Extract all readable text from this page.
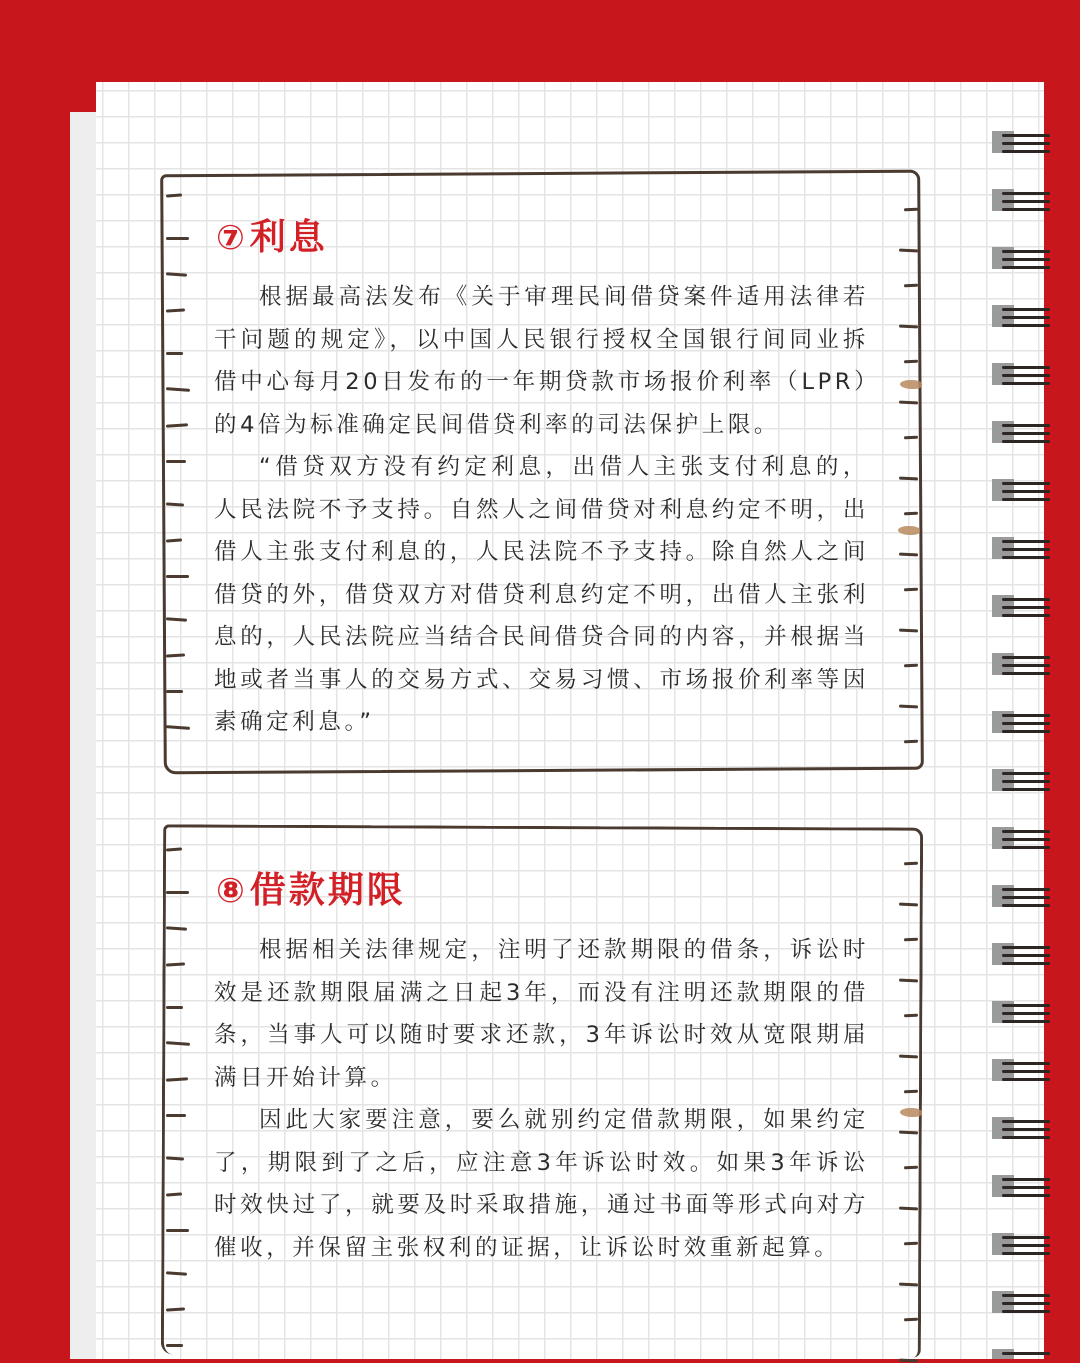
⑦利息

根据最高法发布《关于审理民间借贷案件适用法律若干问题的规定》，以中国人民银行授权全国银行间同业拆借中心每月20日发布的一年期贷款市场报价利率（LPR）的4倍为标准确定民间借贷利率的司法保护上限。

“借贷双方没有约定利息，出借人主张支付利息的，人民法院不予支持。自然人之间借贷对利息约定不明，出借人主张支付利息的，人民法院不予支持。除自然人之间借贷的外，借贷双方对借贷利息约定不明，出借人主张利息的，人民法院应当结合民间借贷合同的内容，并根据当地或者当事人的交易方式、交易习惯、市场报价利率等因素确定利息。”

⑧借款期限

根据相关法律规定，注明了还款期限的借条，诉讼时效是还款期限届满之日起3年，而没有注明还款期限的借条，当事人可以随时要求还款，3年诉讼时效从宽限期届满日开始计算。

因此大家要注意，要么就别约定借款期限，如果约定了，期限到了之后，应注意3年诉讼时效。如果3年诉讼时效快过了，就要及时采取措施，通过书面等形式向对方催收，并保留主张权利的证据，让诉讼时效重新起算。
